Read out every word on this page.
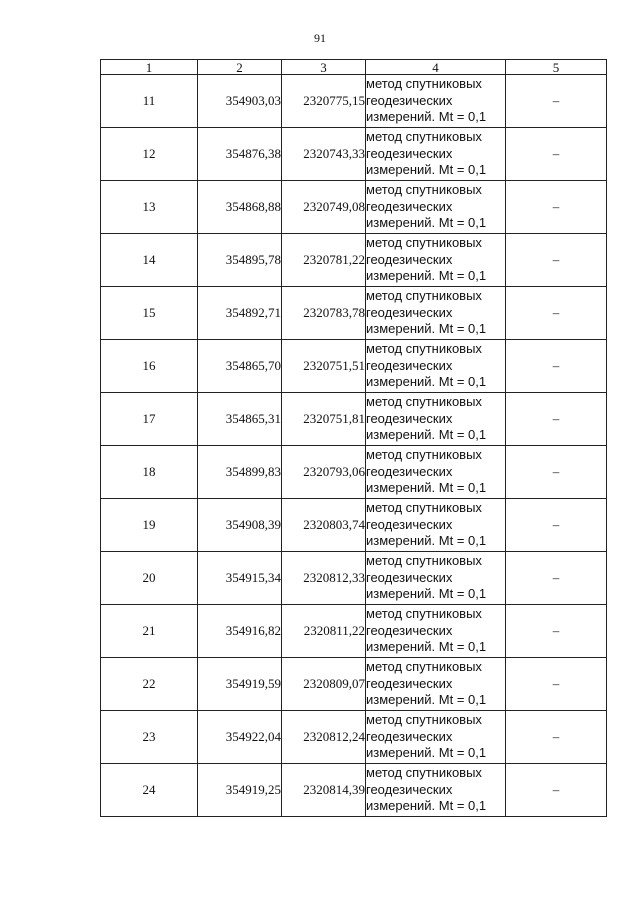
91
1	2	3	4	5
11	354903,03	2320775,15	метод спутниковых
геодезических
измерений. Mt = 0,1	–
12	354876,38	2320743,33	метод спутниковых
геодезических
измерений. Mt = 0,1	–
13	354868,88	2320749,08	метод спутниковых
геодезических
измерений. Mt = 0,1	–
14	354895,78	2320781,22	метод спутниковых
геодезических
измерений. Mt = 0,1	–
15	354892,71	2320783,78	метод спутниковых
геодезических
измерений. Mt = 0,1	–
16	354865,70	2320751,51	метод спутниковых
геодезических
измерений. Mt = 0,1	–
17	354865,31	2320751,81	метод спутниковых
геодезических
измерений. Mt = 0,1	–
18	354899,83	2320793,06	метод спутниковых
геодезических
измерений. Mt = 0,1	–
19	354908,39	2320803,74	метод спутниковых
геодезических
измерений. Mt = 0,1	–
20	354915,34	2320812,33	метод спутниковых
геодезических
измерений. Mt = 0,1	–
21	354916,82	2320811,22	метод спутниковых
геодезических
измерений. Mt = 0,1	–
22	354919,59	2320809,07	метод спутниковых
геодезических
измерений. Mt = 0,1	–
23	354922,04	2320812,24	метод спутниковых
геодезических
измерений. Mt = 0,1	–
24	354919,25	2320814,39	метод спутниковых
геодезических
измерений. Mt = 0,1	–
